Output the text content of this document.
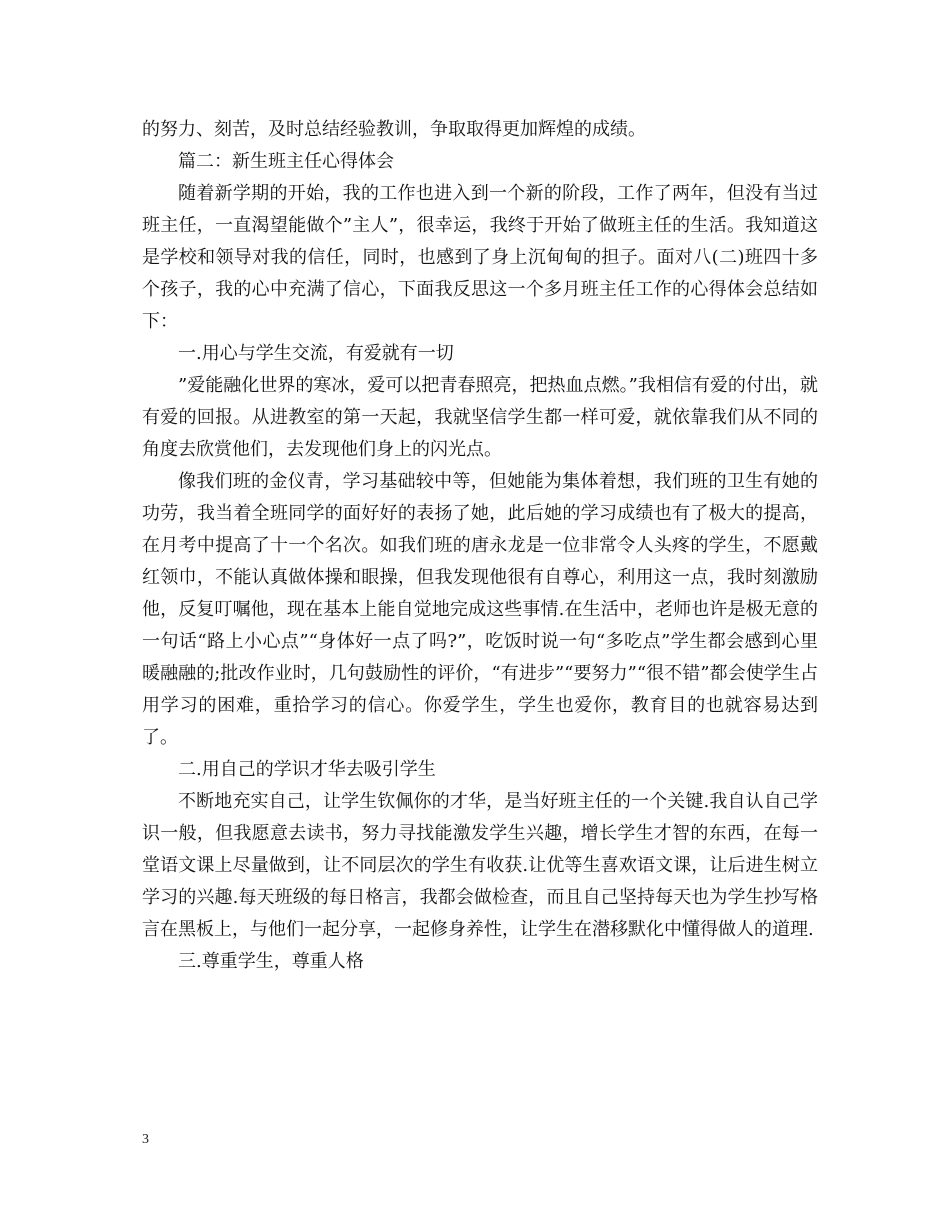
的努力、刻苦，及时总结经验教训，争取取得更加辉煌的成绩。

篇二：新生班主任心得体会

随着新学期的开始，我的工作也进入到一个新的阶段，工作了两年，但没有当过班主任，一直渴望能做个”主人”，很幸运，我终于开始了做班主任的生活。我知道这是学校和领导对我的信任，同时，也感到了身上沉甸甸的担子。面对八(二)班四十多个孩子，我的心中充满了信心，下面我反思这一个多月班主任工作的心得体会总结如下：

一.用心与学生交流，有爱就有一切

”爱能融化世界的寒冰，爱可以把青春照亮，把热血点燃。”我相信有爱的付出，就有爱的回报。从进教室的第一天起，我就坚信学生都一样可爱，就依靠我们从不同的角度去欣赏他们，去发现他们身上的闪光点。

像我们班的金仪青，学习基础较中等，但她能为集体着想，我们班的卫生有她的功劳，我当着全班同学的面好好的表扬了她，此后她的学习成绩也有了极大的提高，在月考中提高了十一个名次。如我们班的唐永龙是一位非常令人头疼的学生，不愿戴红领巾，不能认真做体操和眼操，但我发现他很有自尊心，利用这一点，我时刻激励他，反复叮嘱他，现在基本上能自觉地完成这些事情.在生活中，老师也许是极无意的一句话“路上小心点”“身体好一点了吗?”，吃饭时说一句“多吃点”学生都会感到心里暖融融的;批改作业时，几句鼓励性的评价，“有进步”“要努力”“很不错”都会使学生占用学习的困难，重拾学习的信心。你爱学生，学生也爱你，教育目的也就容易达到了。

二.用自己的学识才华去吸引学生

不断地充实自己，让学生钦佩你的才华，是当好班主任的一个关键.我自认自己学识一般，但我愿意去读书，努力寻找能激发学生兴趣，增长学生才智的东西，在每一堂语文课上尽量做到，让不同层次的学生有收获.让优等生喜欢语文课，让后进生树立学习的兴趣.每天班级的每日格言，我都会做检查，而且自己坚持每天也为学生抄写格言在黑板上，与他们一起分享，一起修身养性，让学生在潜移默化中懂得做人的道理.

三.尊重学生，尊重人格

3
